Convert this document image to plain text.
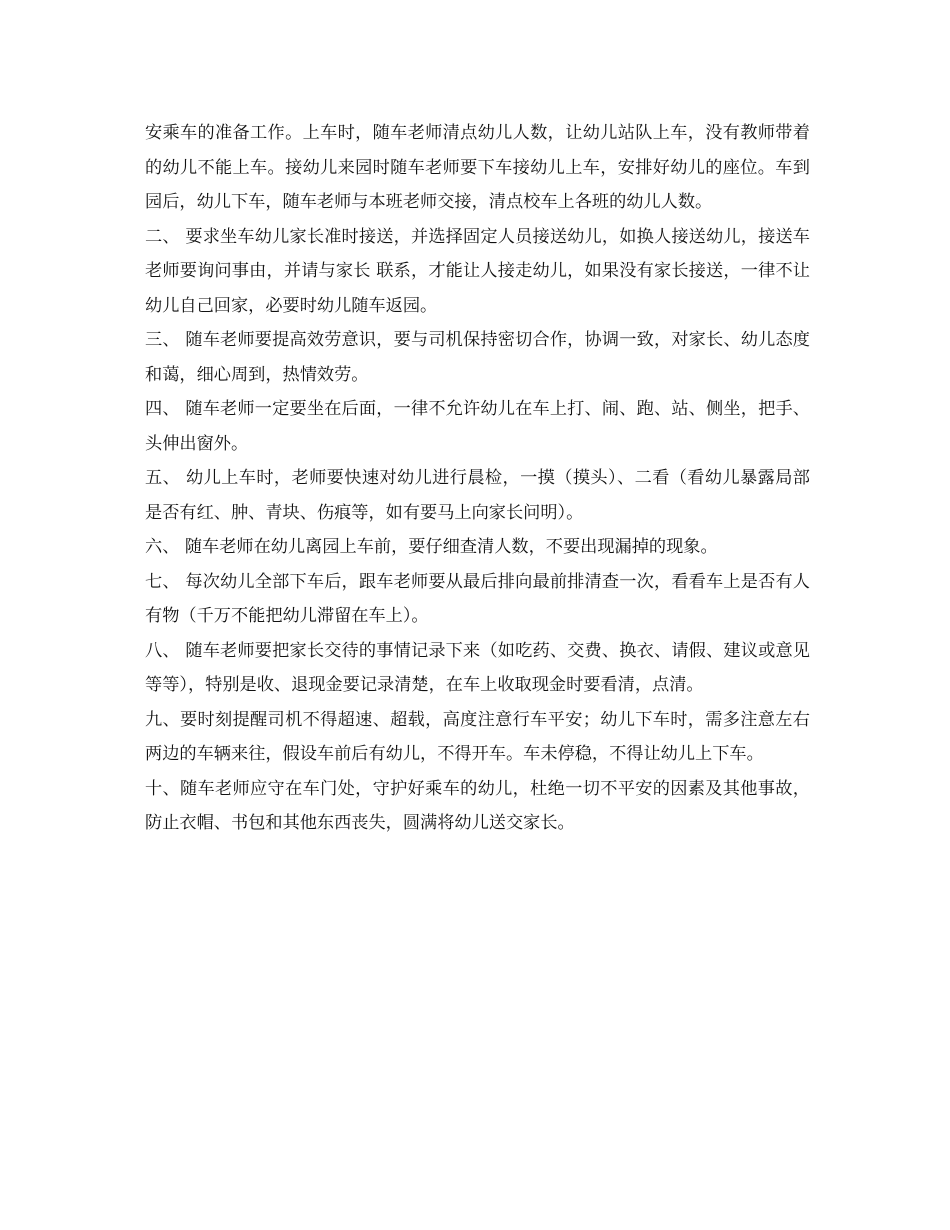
安乘车的准备工作。上车时，随车老师清点幼儿人数，让幼儿站队上车，没有教师带着的幼儿不能上车。接幼儿来园时随车老师要下车接幼儿上车，安排好幼儿的座位。车到园后，幼儿下车，随车老师与本班老师交接，清点校车上各班的幼儿人数。

二、 要求坐车幼儿家长准时接送，并选择固定人员接送幼儿，如换人接送幼儿，接送车老师要询问事由，并请与家长 联系，才能让人接走幼儿，如果没有家长接送，一律不让幼儿自己回家，必要时幼儿随车返园。

三、 随车老师要提高效劳意识，要与司机保持密切合作，协调一致，对家长、幼儿态度和蔼，细心周到，热情效劳。

四、 随车老师一定要坐在后面，一律不允许幼儿在车上打、闹、跑、站、侧坐，把手、头伸出窗外。

五、 幼儿上车时，老师要快速对幼儿进行晨检，一摸（摸头）、二看（看幼儿暴露局部是否有红、肿、青块、伤痕等，如有要马上向家长问明）。

六、 随车老师在幼儿离园上车前，要仔细查清人数，不要出现漏掉的现象。

七、 每次幼儿全部下车后，跟车老师要从最后排向最前排清查一次，看看车上是否有人有物（千万不能把幼儿滞留在车上）。

八、 随车老师要把家长交待的事情记录下来（如吃药、交费、换衣、请假、建议或意见等等），特别是收、退现金要记录清楚，在车上收取现金时要看清，点清。

九、要时刻提醒司机不得超速、超载，高度注意行车平安；幼儿下车时，需多注意左右两边的车辆来往，假设车前后有幼儿，不得开车。车未停稳，不得让幼儿上下车。

十、随车老师应守在车门处，守护好乘车的幼儿，杜绝一切不平安的因素及其他事故，防止衣帽、书包和其他东西丧失，圆满将幼儿送交家长。
